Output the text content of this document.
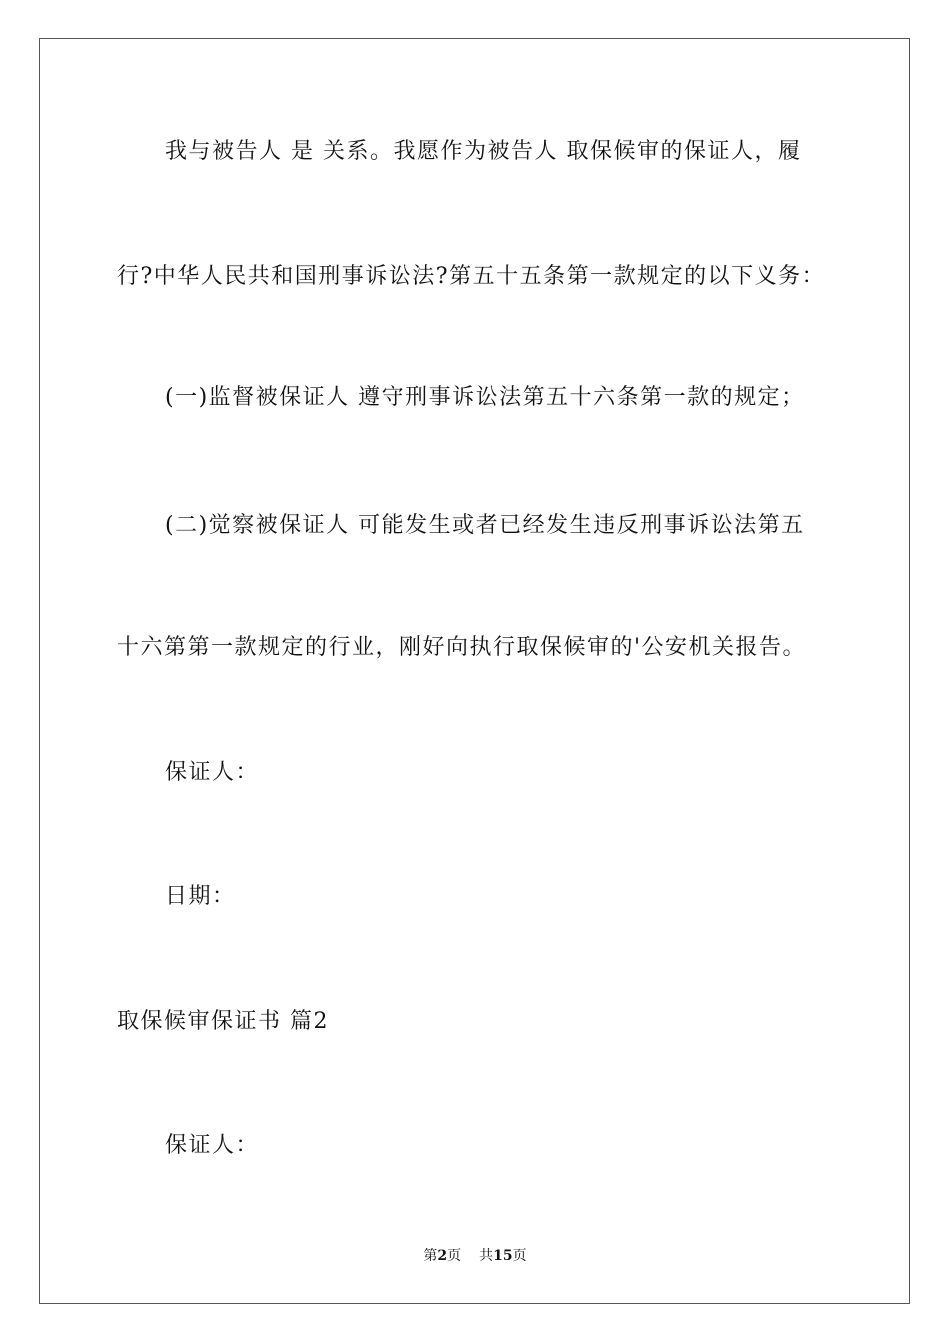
我与被告人 是 关系。我愿作为被告人 取保候审的保证人，履
行?中华人民共和国刑事诉讼法?第五十五条第一款规定的以下义务：
(一)监督被保证人 遵守刑事诉讼法第五十六条第一款的规定；
(二)觉察被保证人 可能发生或者已经发生违反刑事诉讼法第五
十六第第一款规定的行业，刚好向执行取保候审的'公安机关报告。
保证人：
日期：
取保候审保证书 篇2
保证人：
第2页 共15页
